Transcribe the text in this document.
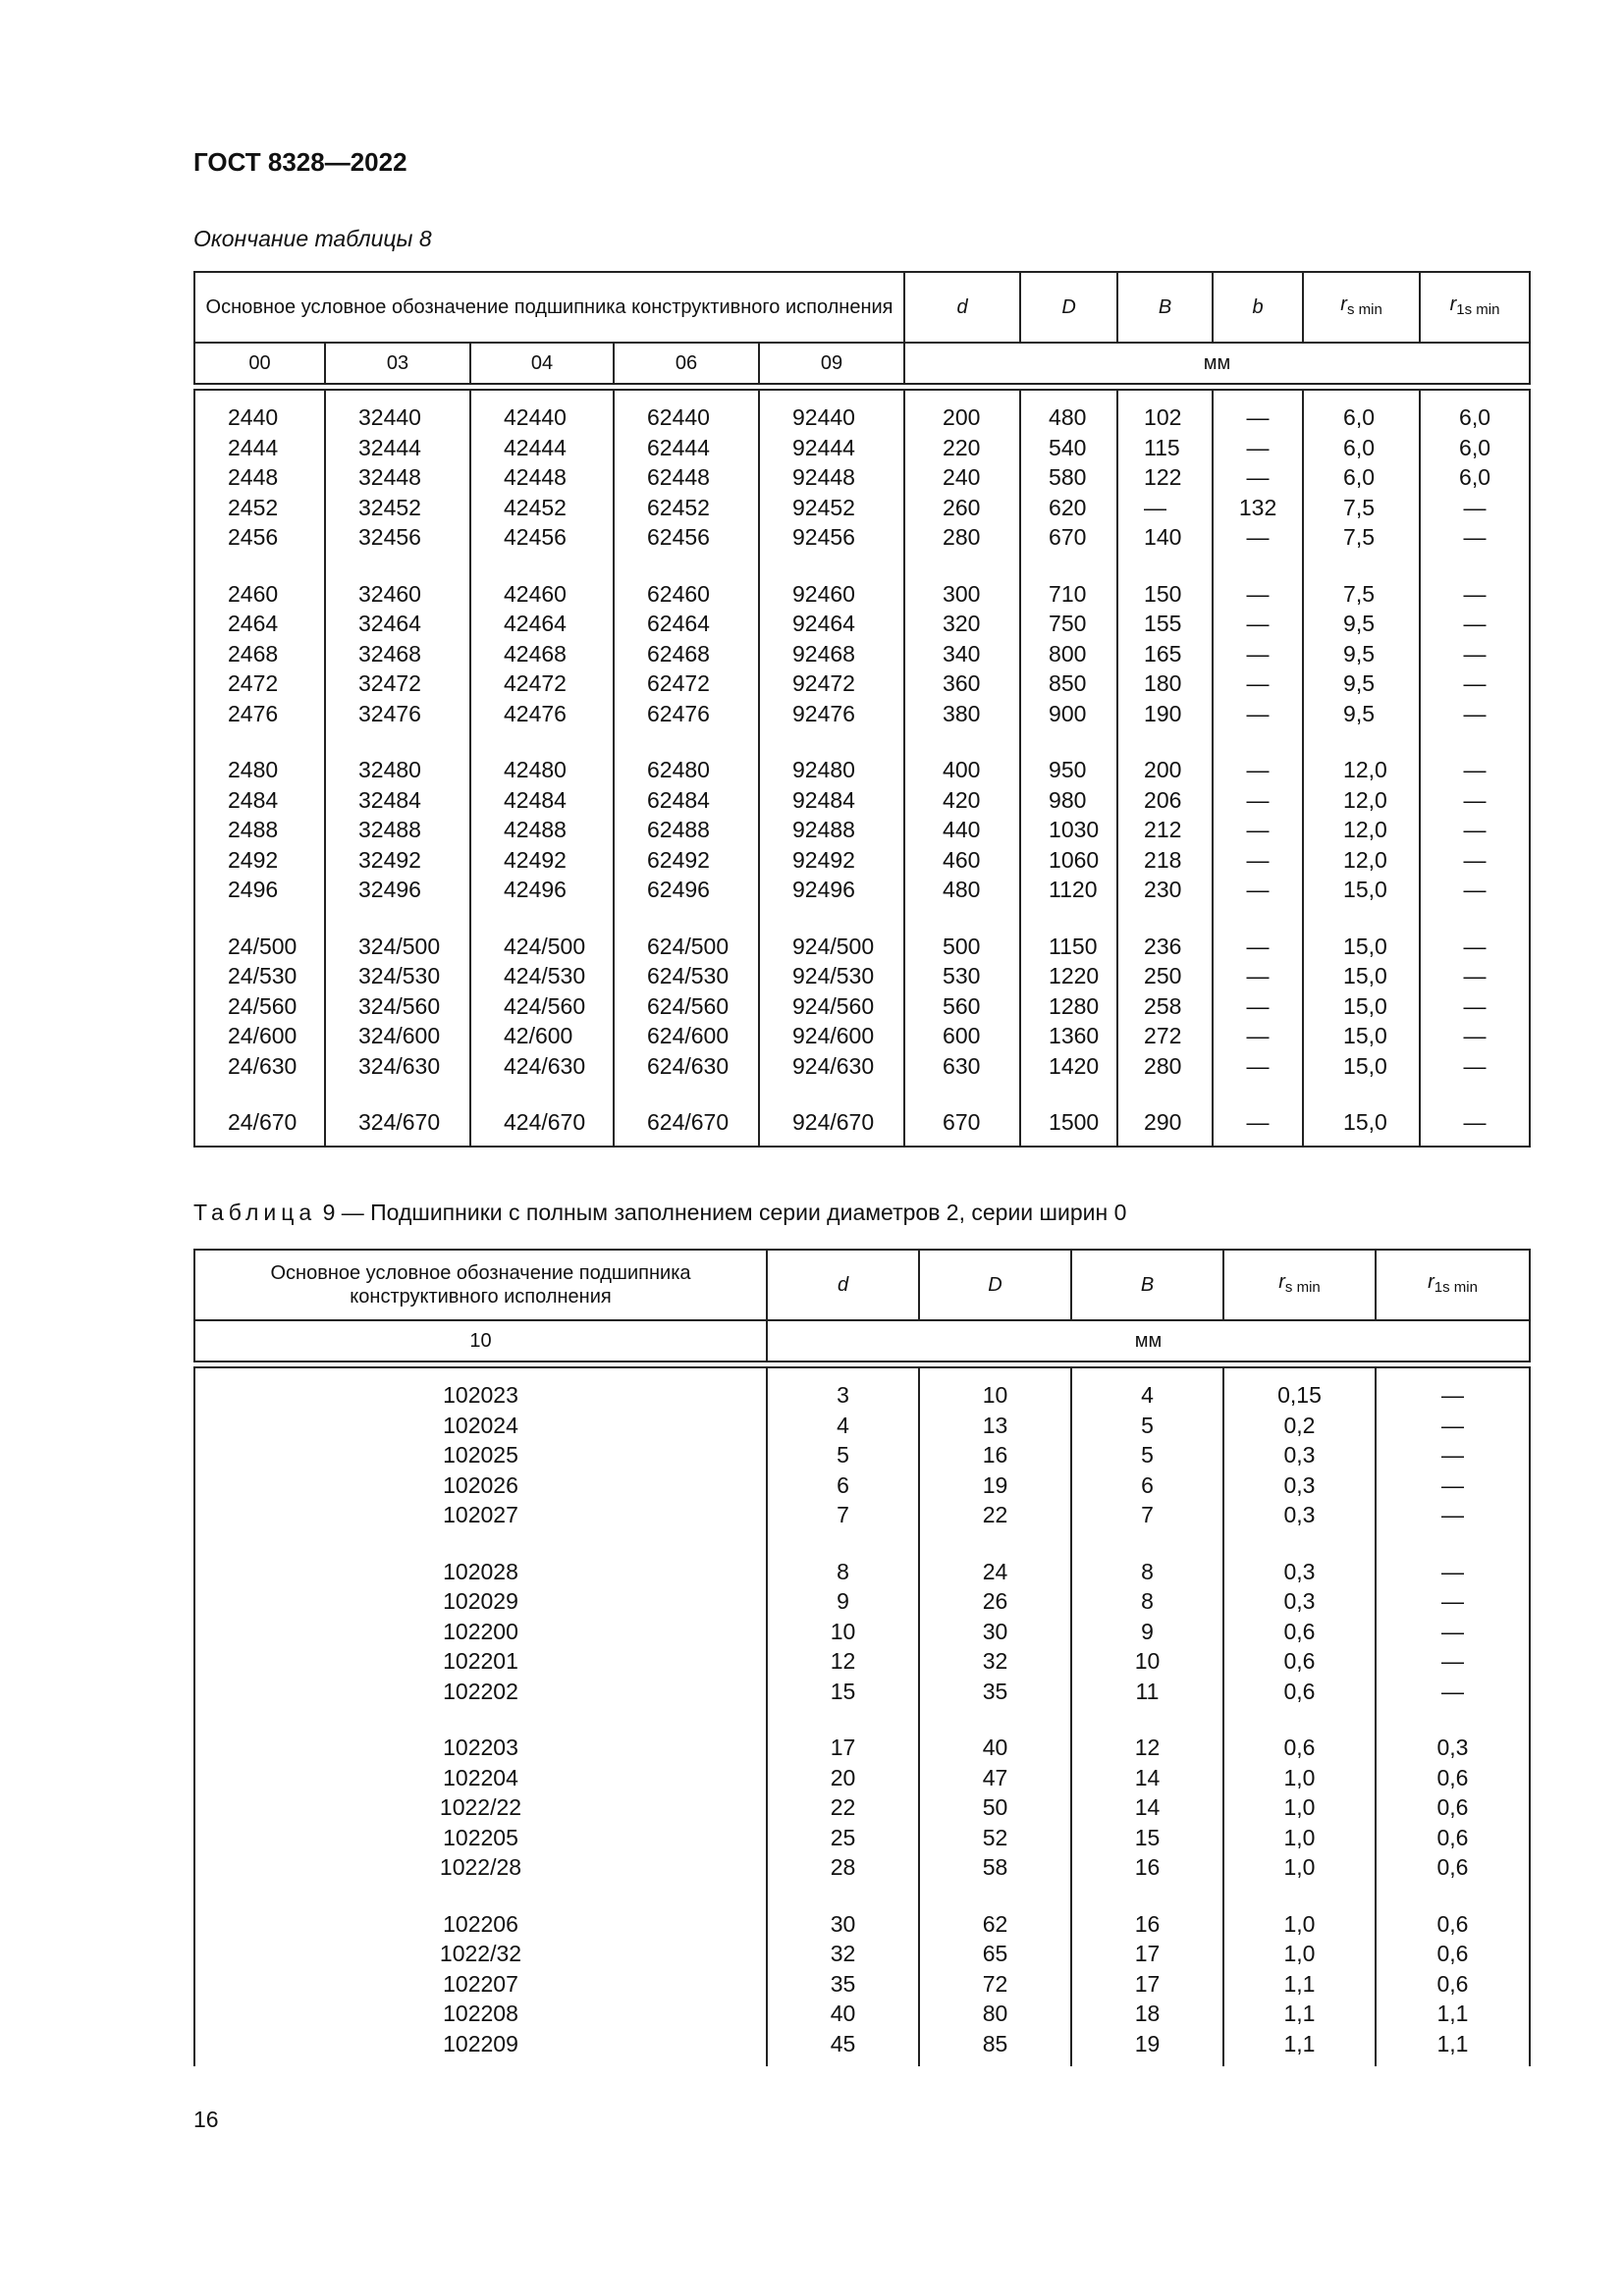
ГОСТ 8328—2022
Окончание таблицы 8
Основное условное обозначение подшипника конструктивного исполнения					d	D	B	b	$r_{s min}$	$r_{1s min}$
00	03	04	06	09	мм					

2440	32440	42440	62440	92440	200	480	102	—	6,0	6,0
2444	32444	42444	62444	92444	220	540	115	—	6,0	6,0
2448	32448	42448	62448	92448	240	580	122	—	6,0	6,0
2452	32452	42452	62452	92452	260	620	—	132	7,5	—
2456	32456	42456	62456	92456	280	670	140	—	7,5	—

2460	32460	42460	62460	92460	300	710	150	—	7,5	—
2464	32464	42464	62464	92464	320	750	155	—	9,5	—
2468	32468	42468	62468	92468	340	800	165	—	9,5	—
2472	32472	42472	62472	92472	360	850	180	—	9,5	—
2476	32476	42476	62476	92476	380	900	190	—	9,5	—

2480	32480	42480	62480	92480	400	950	200	—	12,0	—
2484	32484	42484	62484	92484	420	980	206	—	12,0	—
2488	32488	42488	62488	92488	440	1030	212	—	12,0	—
2492	32492	42492	62492	92492	460	1060	218	—	12,0	—
2496	32496	42496	62496	92496	480	1120	230	—	15,0	—

24/500	324/500	424/500	624/500	924/500	500	1150	236	—	15,0	—
24/530	324/530	424/530	624/530	924/530	530	1220	250	—	15,0	—
24/560	324/560	424/560	624/560	924/560	560	1280	258	—	15,0	—
24/600	324/600	42/600	624/600	924/600	600	1360	272	—	15,0	—
24/630	324/630	424/630	624/630	924/630	630	1420	280	—	15,0	—

24/670	324/670	424/670	624/670	924/670	670	1500	290	—	15,0	—
Таблица 9 — Подшипники с полным заполнением серии диаметров 2, серии ширин 0
Основное условное обозначение подшипника конструктивного исполнения	d	D	B	$r_{s min}$	$r_{1s min}$
10	мм				

102023	3	10	4	0,15	—
102024	4	13	5	0,2	—
102025	5	16	5	0,3	—
102026	6	19	6	0,3	—
102027	7	22	7	0,3	—

102028	8	24	8	0,3	—
102029	9	26	8	0,3	—
102200	10	30	9	0,6	—
102201	12	32	10	0,6	—
102202	15	35	11	0,6	—

102203	17	40	12	0,6	0,3
102204	20	47	14	1,0	0,6
1022/22	22	50	14	1,0	0,6
102205	25	52	15	1,0	0,6
1022/28	28	58	16	1,0	0,6

102206	30	62	16	1,0	0,6
1022/32	32	65	17	1,0	0,6
102207	35	72	17	1,1	0,6
102208	40	80	18	1,1	1,1
102209	45	85	19	1,1	1,1
16
